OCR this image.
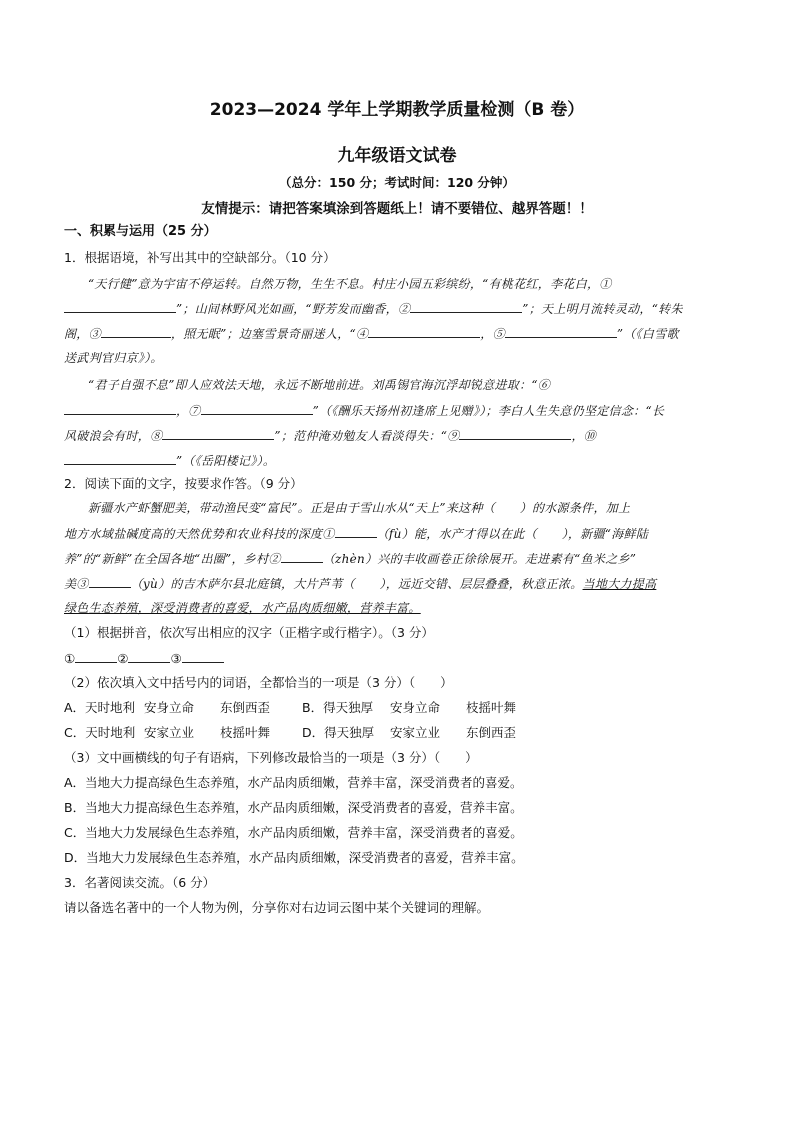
2023—2024 学年上学期教学质量检测（B 卷）
九年级语文试卷
（总分：150 分；考试时间：120 分钟）
友情提示：请把答案填涂到答题纸上！请不要错位、越界答题！！
一、积累与运用（25 分）
1．根据语境，补写出其中的空缺部分。（10 分）
“天行健”意为宇宙不停运转。自然万物，生生不息。村庄小园五彩缤纷，“有桃花红，李花白，①
”；山间林野风光如画，“野芳发而幽香，②	”；天上明月流转灵动，“转朱
阁，③	，照无眠”；边塞雪景奇丽迷人，“④	，⑤	”（《白雪歌
送武判官归京》）。
“君子自强不息”即人应效法天地，永远不断地前进。刘禹锡官海沉浮却锐意进取：“⑥
，⑦	”（《酬乐天扬州初逢席上见赠》）；李白人生失意仍坚定信念：“长
风破浪会有时，⑧	”；范仲淹劝勉友人看淡得失：“⑨	，⑩
”（《岳阳楼记》）。
2．阅读下面的文字，按要求作答。（9 分）
新疆水产虾蟹肥美，带动渔民变“富民”。正是由于雪山水从“天上”来这种（　　）的水源条件，加上
地方水域盐碱度高的天然优势和农业科技的深度①	（fù）能，水产才得以在此（　　），新疆“海鲜陆
养”的“新鲜”在全国各地“出圈”，乡村②	（zhèn）兴的丰收画卷正徐徐展开。走进素有“鱼米之乡”
美③	（yù）的吉木萨尔县北庭镇，大片芦苇（　　），远近交错、层层叠叠，秋意正浓。当地大力提高
绿色生态养殖，深受消费者的喜爱，水产品肉质细嫩，营养丰富。
（1）根据拼音，依次写出相应的汉字（正楷字或行楷字）。（3 分）
①	②	③
（2）依次填入文中括号内的词语，全都恰当的一项是（3 分）（　　）
A．天时地利 安身立命 东倒西歪	B．得天独厚 安身立命 枝摇叶舞
C．天时地利 安家立业 枝摇叶舞	D．得天独厚 安家立业 东倒西歪
（3）文中画横线的句子有语病，下列修改最恰当的一项是（3 分）（　　）
A．当地大力提高绿色生态养殖，水产品肉质细嫩，营养丰富，深受消费者的喜爱。
B．当地大力提高绿色生态养殖，水产品肉质细嫩，深受消费者的喜爱，营养丰富。
C．当地大力发展绿色生态养殖，水产品肉质细嫩，营养丰富，深受消费者的喜爱。
D．当地大力发展绿色生态养殖，水产品肉质细嫩，深受消费者的喜爱，营养丰富。
3．名著阅读交流。（6 分）
请以备选名著中的一个人物为例，分享你对右边词云图中某个关键词的理解。
